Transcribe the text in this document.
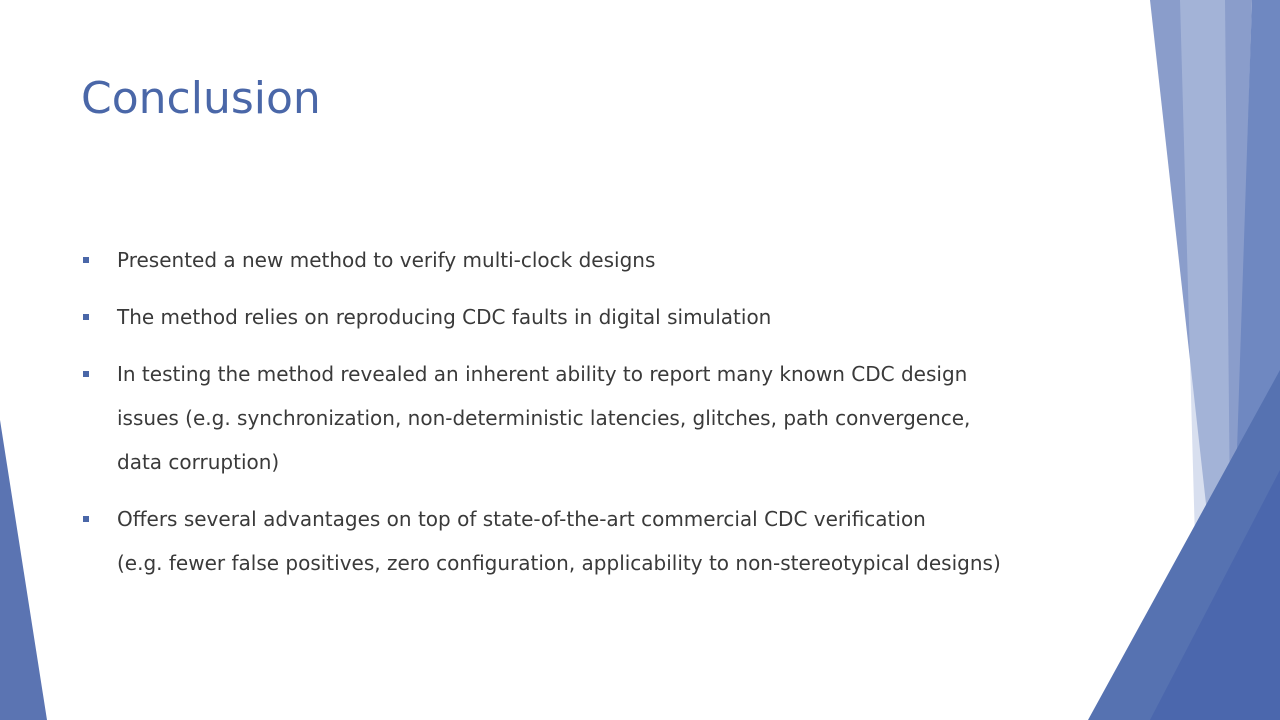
Conclusion
Presented a new method to verify multi-clock designs
The method relies on reproducing CDC faults in digital simulation
In testing the method revealed an inherent ability to report many known CDC design
issues (e.g. synchronization, non-deterministic latencies, glitches, path convergence,
data corruption)
Offers several advantages on top of state-of-the-art commercial CDC verification
(e.g. fewer false positives, zero configuration, applicability to non-stereotypical designs)
